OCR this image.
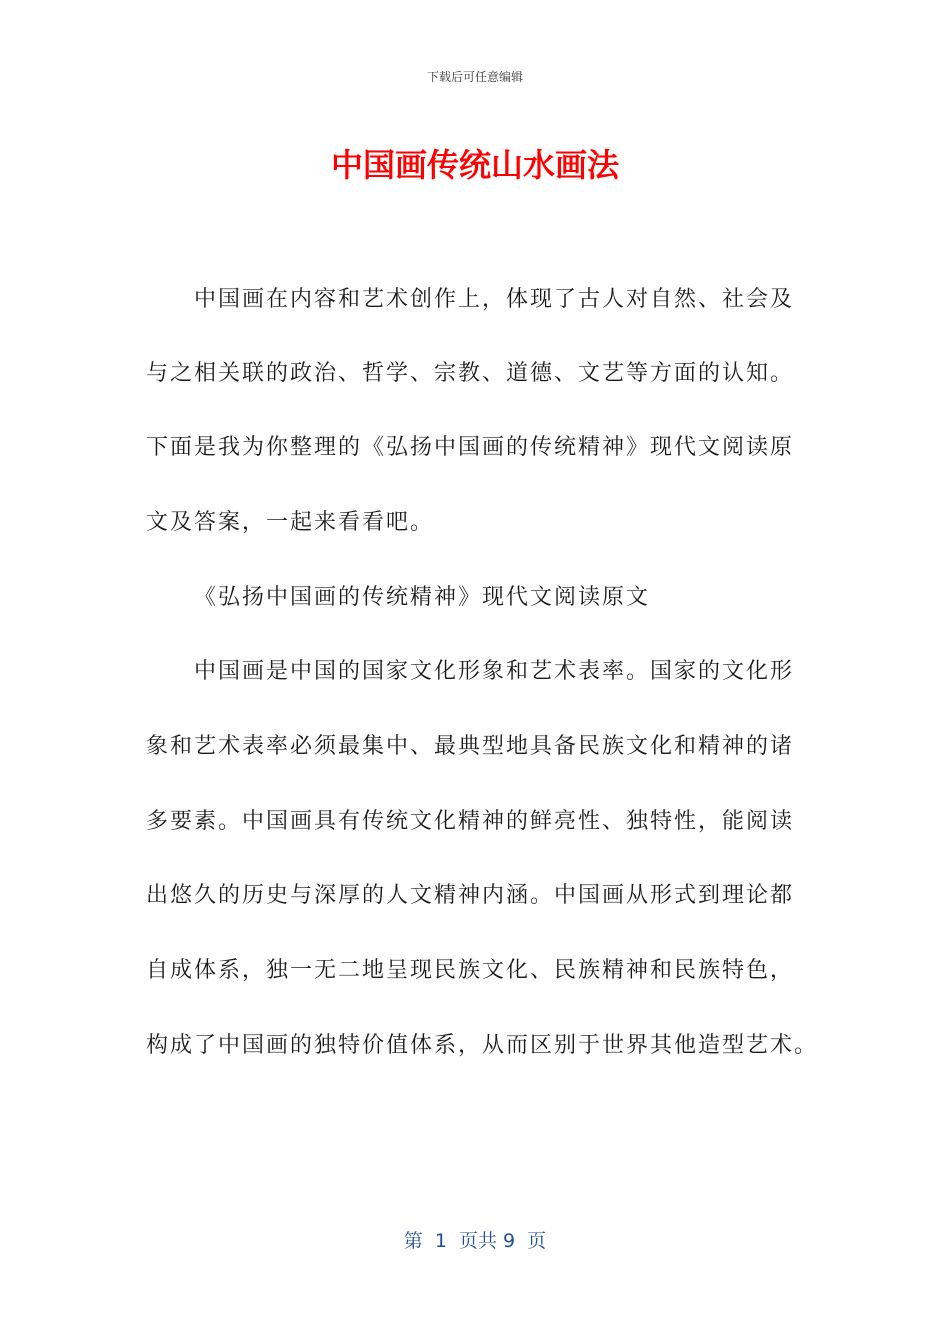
下载后可任意编辑
中国画传统山水画法
中国画在内容和艺术创作上，体现了古人对自然、社会及
与之相关联的政治、哲学、宗教、道德、文艺等方面的认知。
下面是我为你整理的《弘扬中国画的传统精神》现代文阅读原
文及答案，一起来看看吧。
《弘扬中国画的传统精神》现代文阅读原文
中国画是中国的国家文化形象和艺术表率。国家的文化形
象和艺术表率必须最集中、最典型地具备民族文化和精神的诸
多要素。中国画具有传统文化精神的鲜亮性、独特性，能阅读
出悠久的历史与深厚的人文精神内涵。中国画从形式到理论都
自成体系，独一无二地呈现民族文化、民族精神和民族特色，
构成了中国画的独特价值体系，从而区别于世界其他造型艺术。
第  1  页共 9  页
